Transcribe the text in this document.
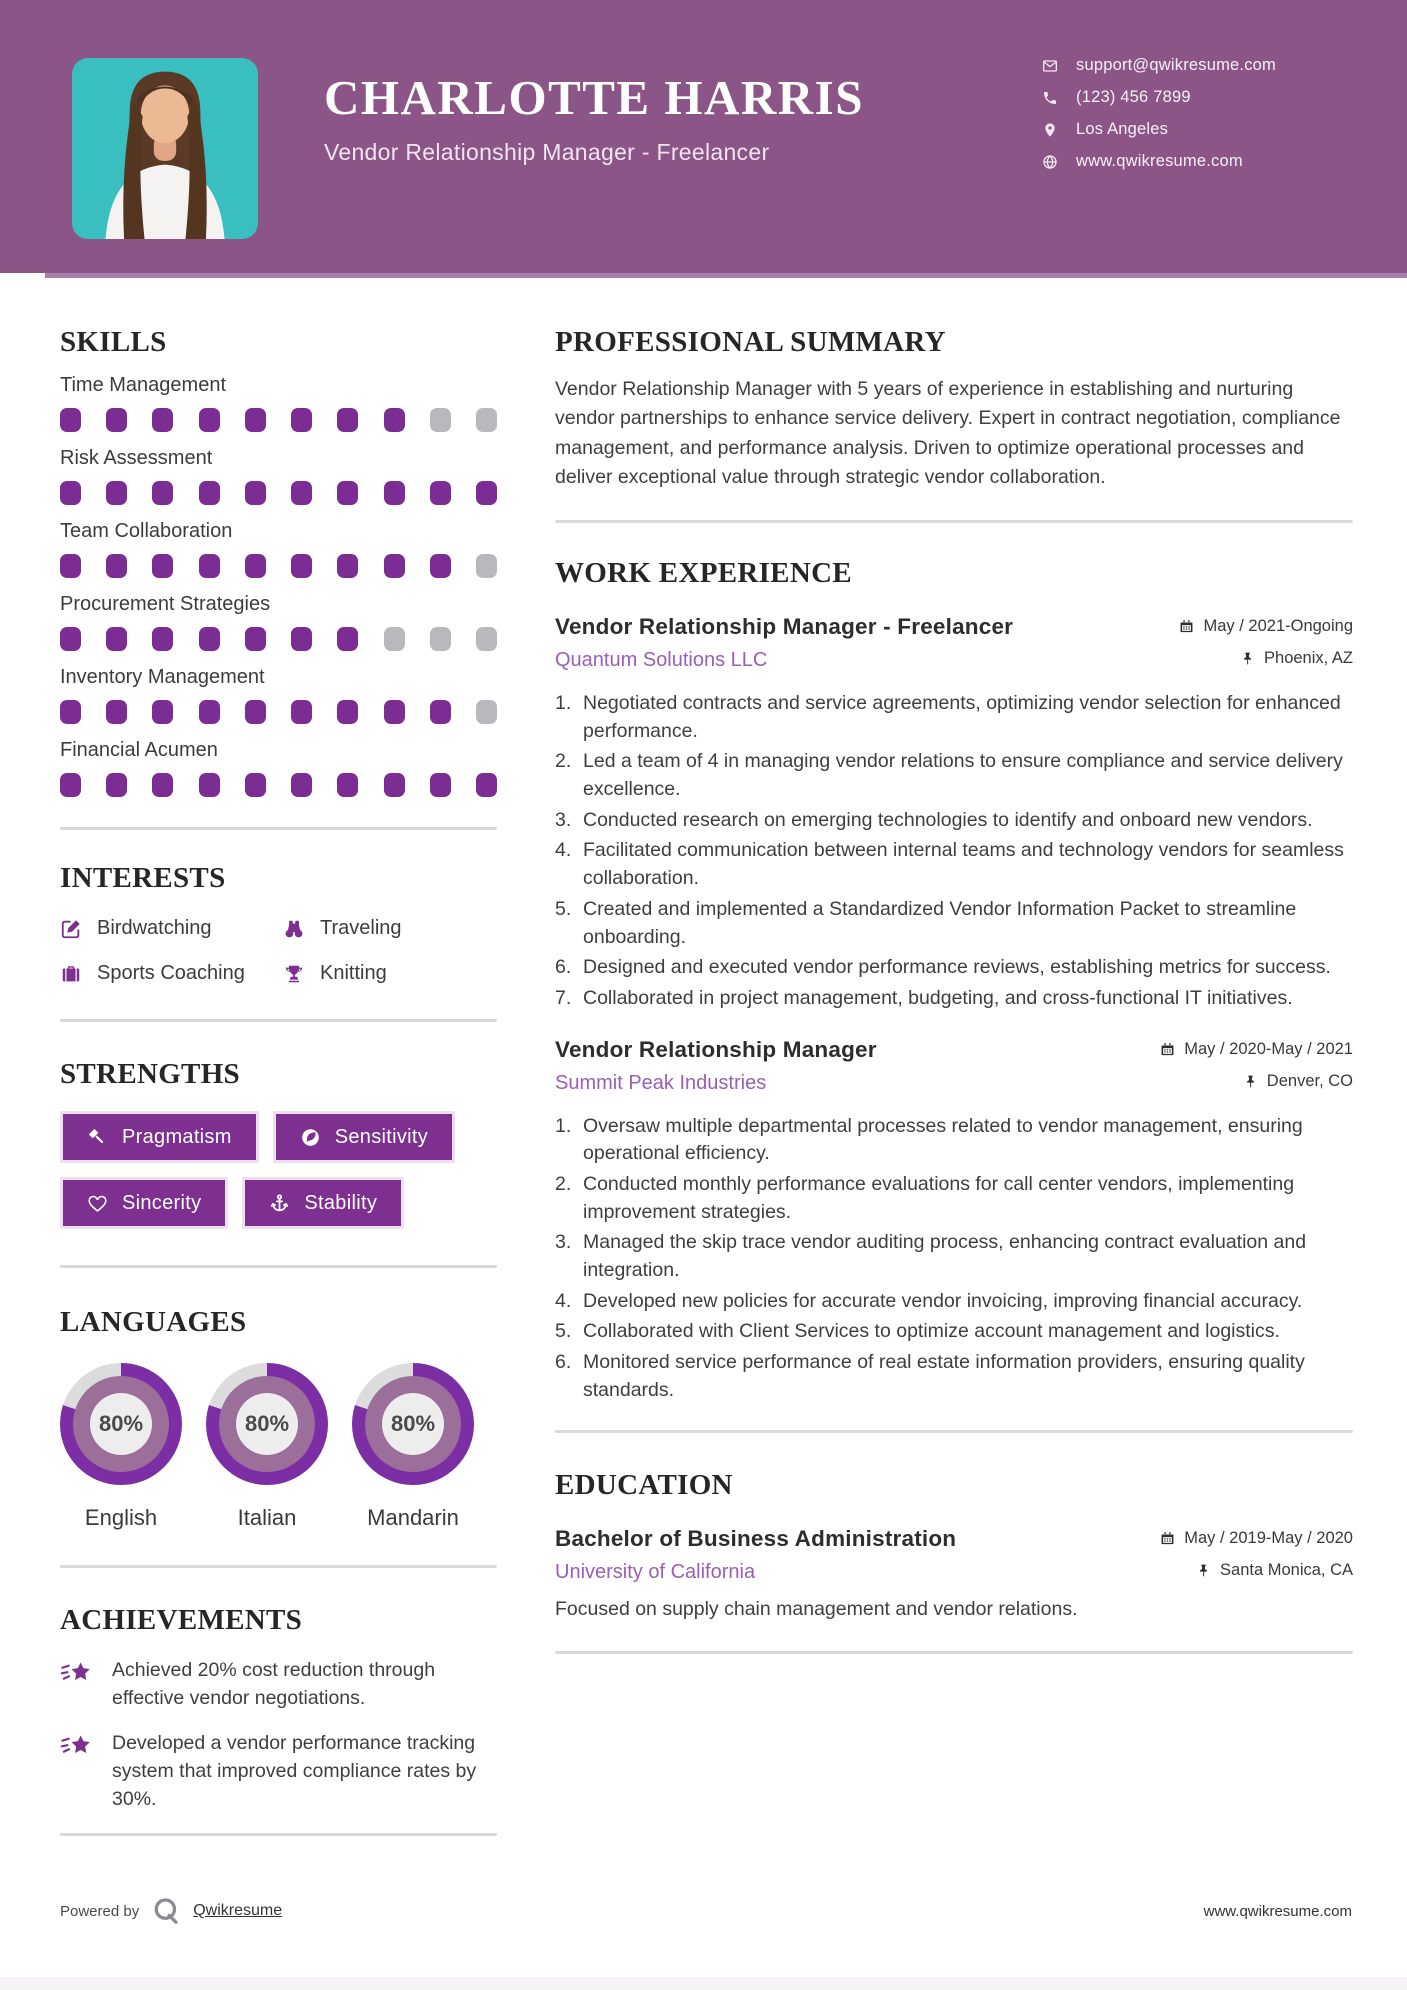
CHARLOTTE HARRIS
Vendor Relationship Manager - Freelancer
support@qwikresume.com
(123) 456 7899
Los Angeles
www.qwikresume.com
SKILLS
Time Management
Risk Assessment
Team Collaboration
Procurement Strategies
Inventory Management
Financial Acumen
INTERESTS
Birdwatching	Traveling
Sports Coaching	Knitting
STRENGTHS
Pragmatism	Sensitivity
Sincerity	Stability
LANGUAGES
80%
English
80%
Italian
80%
Mandarin
ACHIEVEMENTS
Achieved 20% cost reduction through effective vendor negotiations.
Developed a vendor performance tracking system that improved compliance rates by 30%.
PROFESSIONAL SUMMARY
Vendor Relationship Manager with 5 years of experience in establishing and nurturing vendor partnerships to enhance service delivery. Expert in contract negotiation, compliance management, and performance analysis. Driven to optimize operational processes and deliver exceptional value through strategic vendor collaboration.
WORK EXPERIENCE
Vendor Relationship Manager - Freelancer	May / 2021-Ongoing
Quantum Solutions LLC	Phoenix, AZ
1. Negotiated contracts and service agreements, optimizing vendor selection for enhanced performance.
2. Led a team of 4 in managing vendor relations to ensure compliance and service delivery excellence.
3. Conducted research on emerging technologies to identify and onboard new vendors.
4. Facilitated communication between internal teams and technology vendors for seamless collaboration.
5. Created and implemented a Standardized Vendor Information Packet to streamline onboarding.
6. Designed and executed vendor performance reviews, establishing metrics for success.
7. Collaborated in project management, budgeting, and cross-functional IT initiatives.
Vendor Relationship Manager	May / 2020-May / 2021
Summit Peak Industries	Denver, CO
1. Oversaw multiple departmental processes related to vendor management, ensuring operational efficiency.
2. Conducted monthly performance evaluations for call center vendors, implementing improvement strategies.
3. Managed the skip trace vendor auditing process, enhancing contract evaluation and integration.
4. Developed new policies for accurate vendor invoicing, improving financial accuracy.
5. Collaborated with Client Services to optimize account management and logistics.
6. Monitored service performance of real estate information providers, ensuring quality standards.
EDUCATION
Bachelor of Business Administration	May / 2019-May / 2020
University of California	Santa Monica, CA
Focused on supply chain management and vendor relations.
Powered by	Qwikresume	www.qwikresume.com
